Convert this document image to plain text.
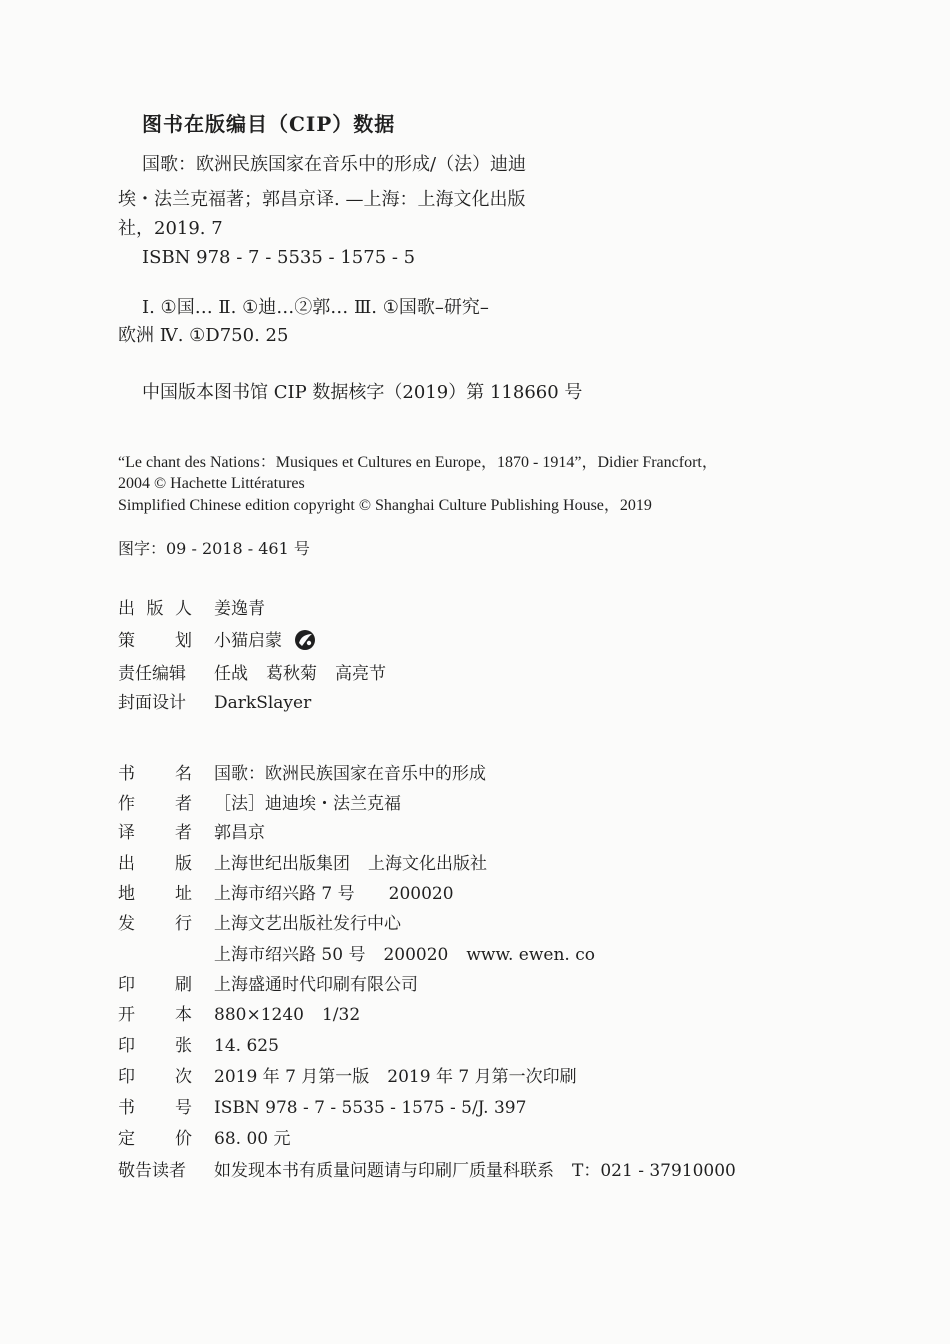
图书在版编目（CIP）数据
国歌：欧洲民族国家在音乐中的形成/（法）迪迪
埃・法兰克福著；郭昌京译. —上海：上海文化出版
社，2019. 7
ISBN 978 - 7 - 5535 - 1575 - 5
Ⅰ. ①国… Ⅱ. ①迪…②郭… Ⅲ. ①国歌–研究–
欧洲 Ⅳ. ①D750. 25
中国版本图书馆 CIP 数据核字（2019）第 118660 号
“Le chant des Nations：Musiques et Cultures en Europe，1870 - 1914”，Didier Francfort，
2004 © Hachette Littératures
Simplified Chinese edition copyright © Shanghai Culture Publishing House，2019
图字：09 - 2018 - 461 号
出版人 姜逸青
策划 小猫启蒙
责任编辑 任战 葛秋菊 高亮节
封面设计 DarkSlayer
书名 国歌：欧洲民族国家在音乐中的形成
作者 ［法］迪迪埃・法兰克福
译者 郭昌京
出版 上海世纪出版集团 上海文化出版社
地址 上海市绍兴路 7 号 200020
发行 上海文艺出版社发行中心
上海市绍兴路 50 号 200020 www. ewen. co
印刷 上海盛通时代印刷有限公司
开本 880×1240 1/32
印张 14. 625
印次 2019 年 7 月第一版 2019 年 7 月第一次印刷
书号 ISBN 978 - 7 - 5535 - 1575 - 5/J. 397
定价 68. 00 元
敬告读者 如发现本书有质量问题请与印刷厂质量科联系 T：021 - 37910000
